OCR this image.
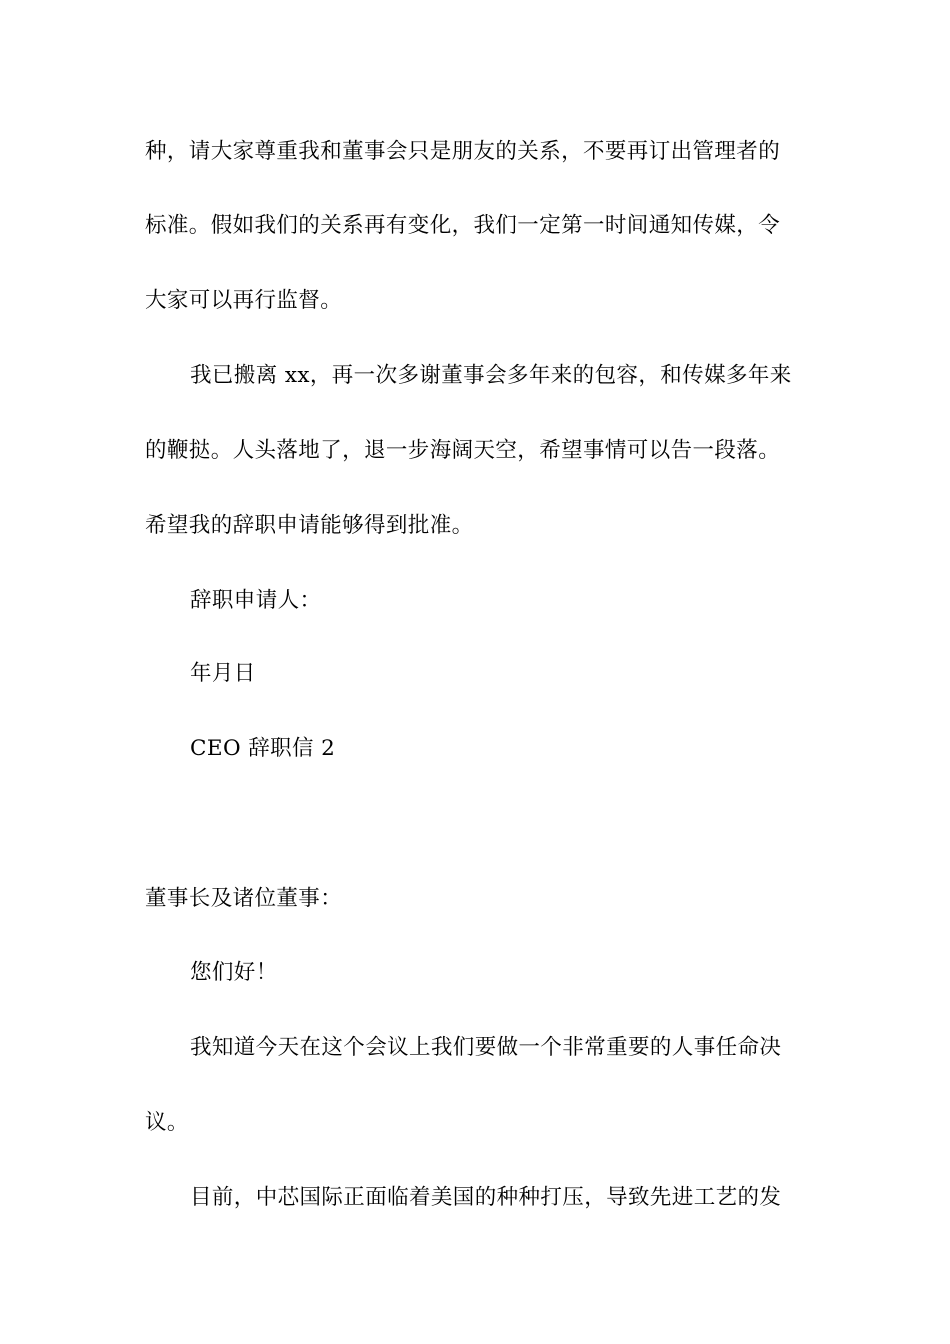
种，请大家尊重我和董事会只是朋友的关系，不要再订出管理者的
标准。假如我们的关系再有变化，我们一定第一时间通知传媒，令
大家可以再行监督。
我已搬离 xx，再一次多谢董事会多年来的包容，和传媒多年来
的鞭挞。人头落地了，退一步海阔天空，希望事情可以告一段落。
希望我的辞职申请能够得到批准。
辞职申请人：
年月日
CEO 辞职信 2
董事长及诸位董事：
您们好！
我知道今天在这个会议上我们要做一个非常重要的人事任命决
议。
目前，中芯国际正面临着美国的种种打压，导致先进工艺的发
